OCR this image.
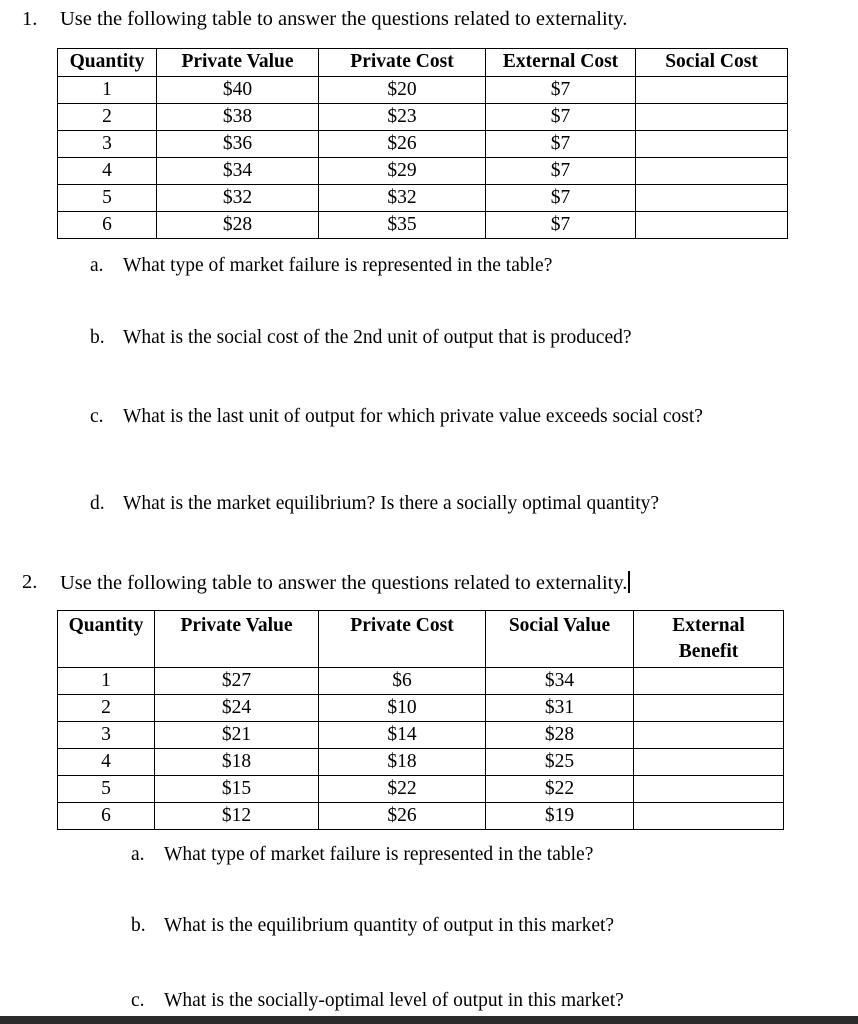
1. Use the following table to answer the questions related to externality.
Quantity	Private Value	Private Cost	External Cost	Social Cost
1	$40	$20	$7	
2	$38	$23	$7	
3	$36	$26	$7	
4	$34	$29	$7	
5	$32	$32	$7	
6	$28	$35	$7	
a. What type of market failure is represented in the table?
b. What is the social cost of the 2nd unit of output that is produced?
c. What is the last unit of output for which private value exceeds social cost?
d. What is the market equilibrium? Is there a socially optimal quantity?
2. Use the following table to answer the questions related to externality.
Quantity	Private Value	Private Cost	Social Value	External Benefit
1	$27	$6	$34	
2	$24	$10	$31	
3	$21	$14	$28	
4	$18	$18	$25	
5	$15	$22	$22	
6	$12	$26	$19	
a. What type of market failure is represented in the table?
b. What is the equilibrium quantity of output in this market?
c. What is the socially-optimal level of output in this market?
